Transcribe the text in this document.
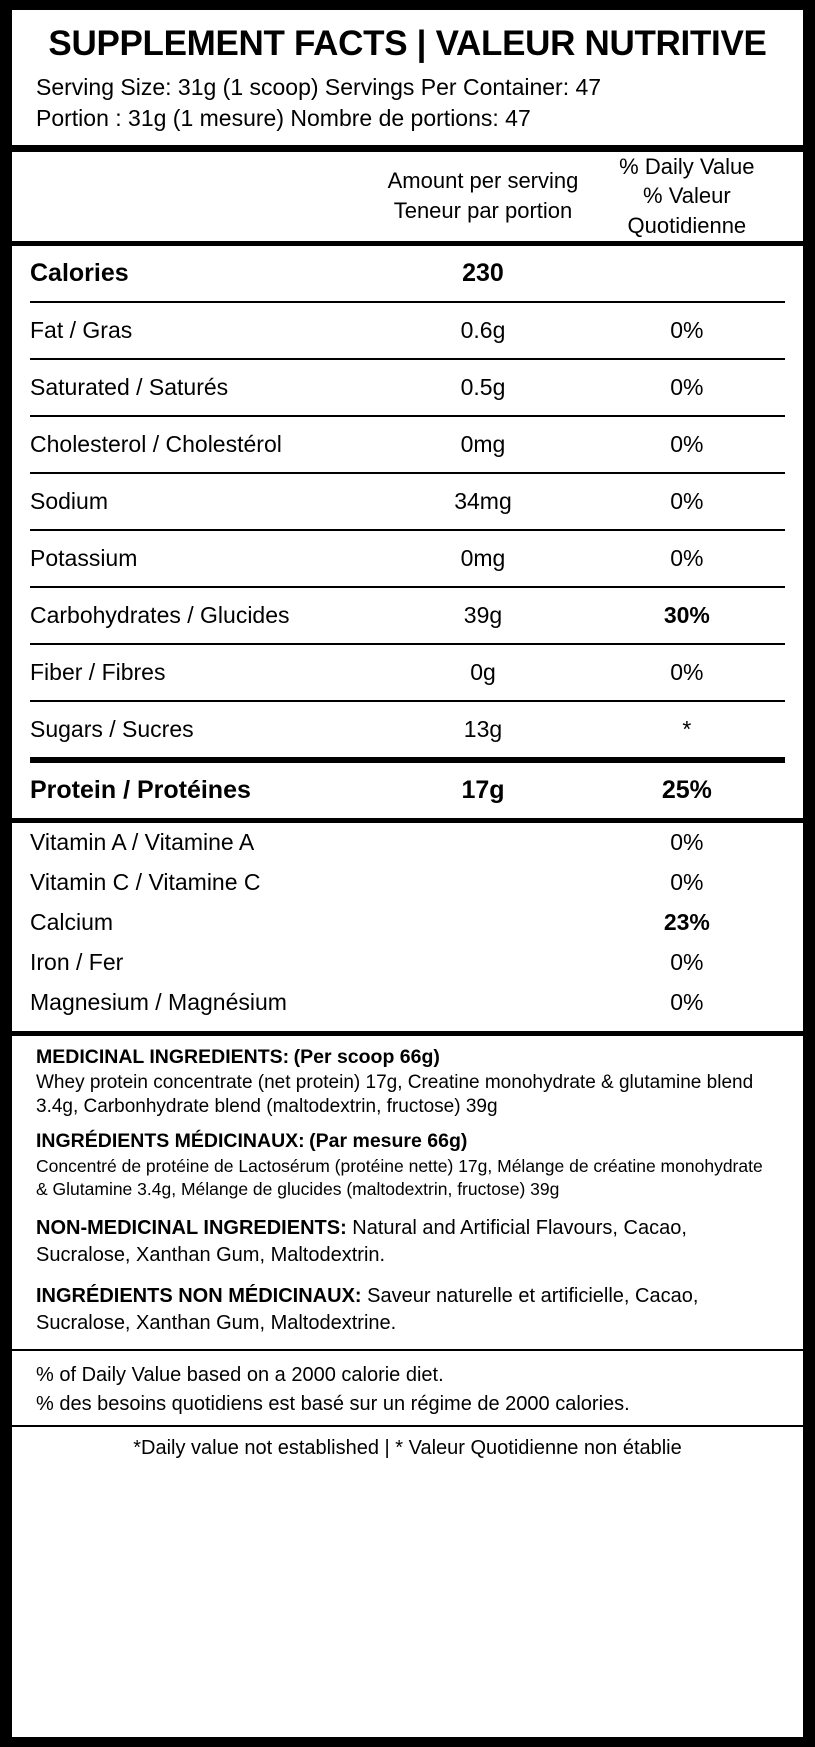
SUPPLEMENT FACTS | VALEUR NUTRITIVE
Serving Size: 31g (1 scoop) Servings Per Container: 47
Portion : 31g (1 mesure) Nombre de portions: 47

Amount per serving
Teneur par portion

% Daily Value
% Valeur Quotidienne
Calories	230	
Fat / Gras	0.6g	0%
Saturated / Saturés	0.5g	0%
Cholesterol / Cholestérol	0mg	0%
Sodium	34mg	0%
Potassium	0mg	0%
Carbohydrates / Glucides	39g	30%
Fiber / Fibres	0g	0%
Sugars / Sucres	13g	*
Protein / Protéines	17g	25%
Vitamin A / Vitamine A		0%
Vitamin C / Vitamine C		0%
Calcium		23%
Iron / Fer		0%
Magnesium / Magnésium		0%
MEDICINAL INGREDIENTS: (Per scoop 66g)
Whey protein concentrate (net protein) 17g, Creatine monohydrate & glutamine blend 3.4g, Carbonhydrate blend (maltodextrin, fructose) 39g
INGRÉDIENTS MÉDICINAUX: (Par mesure 66g)
Concentré de protéine de Lactosérum (protéine nette) 17g, Mélange de créatine monohydrate & Glutamine 3.4g, Mélange de glucides (maltodextrin, fructose) 39g
NON-MEDICINAL INGREDIENTS: Natural and Artificial Flavours, Cacao, Sucralose, Xanthan Gum, Maltodextrin.
INGRÉDIENTS NON MÉDICINAUX: Saveur naturelle et artificielle, Cacao, Sucralose, Xanthan Gum, Maltodextrine.
% of Daily Value based on a 2000 calorie diet.
% des besoins quotidiens est basé sur un régime de 2000 calories.
*Daily value not established | * Valeur Quotidienne non établie
